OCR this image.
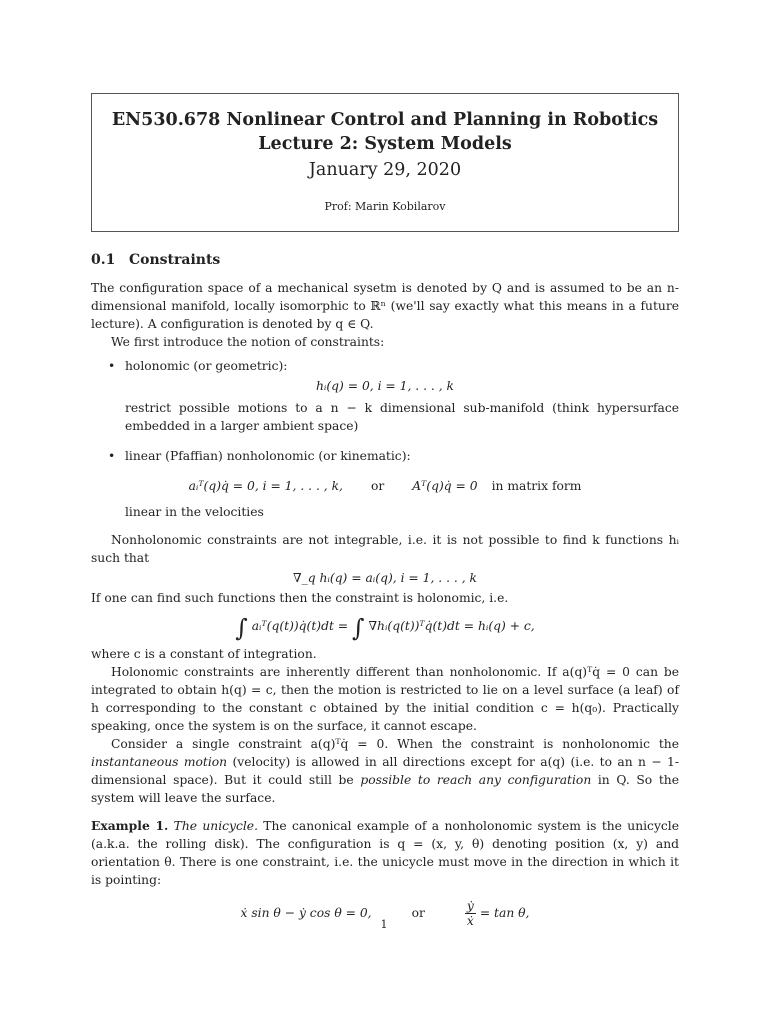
EN530.678 Nonlinear Control and Planning in Robotics
Lecture 2: System Models
January 29, 2020
Prof: Marin Kobilarov
0.1 Constraints

The configuration space of a mechanical sysetm is denoted by Q and is assumed to be an n-dimensional manifold, locally isomorphic to ℝⁿ (we'll say exactly what this means in a future lecture). A configuration is denoted by q ∈ Q.

We first introduce the notion of constraints:

• holonomic (or geometric):
hᵢ(q) = 0, i = 1, . . . , k
restrict possible motions to a n − k dimensional sub-manifold (think hypersurface embedded in a larger ambient space)
• linear (Pfaffian) nonholonomic (or kinematic):
aᵢᵀ(q)q̇ = 0, i = 1, . . . , k, or Aᵀ(q)q̇ = 0 in matrix form
linear in the velocities

Nonholonomic constraints are not integrable, i.e. it is not possible to find k functions hᵢ such that

∇_q hᵢ(q) = aᵢ(q), i = 1, . . . , k

If one can find such functions then the constraint is holonomic, i.e.

∫ aᵢᵀ(q(t))q̇(t)dt = ∫ ∇hᵢ(q(t))ᵀq̇(t)dt = hᵢ(q) + c,

where c is a constant of integration.

Holonomic constraints are inherently different than nonholonomic. If a(q)ᵀq̇ = 0 can be integrated to obtain h(q) = c, then the motion is restricted to lie on a level surface (a leaf) of h corresponding to the constant c obtained by the initial condition c = h(q₀). Practically speaking, once the system is on the surface, it cannot escape.

Consider a single constraint a(q)ᵀq̇ = 0. When the constraint is nonholonomic the instantaneous motion (velocity) is allowed in all directions except for a(q) (i.e. to an n − 1-dimensional space). But it could still be possible to reach any configuration in Q. So the system will leave the surface.

Example 1. The unicycle. The canonical example of a nonholonomic system is the unicycle (a.k.a. the rolling disk). The configuration is q = (x, y, θ) denoting position (x, y) and orientation θ. There is one constraint, i.e. the unicycle must move in the direction in which it is pointing:

ẋ sin θ − ẏ cos θ = 0,	or	$\frac{\text{ẏ}}{\text{ẋ}} = \tan \theta$,
1
